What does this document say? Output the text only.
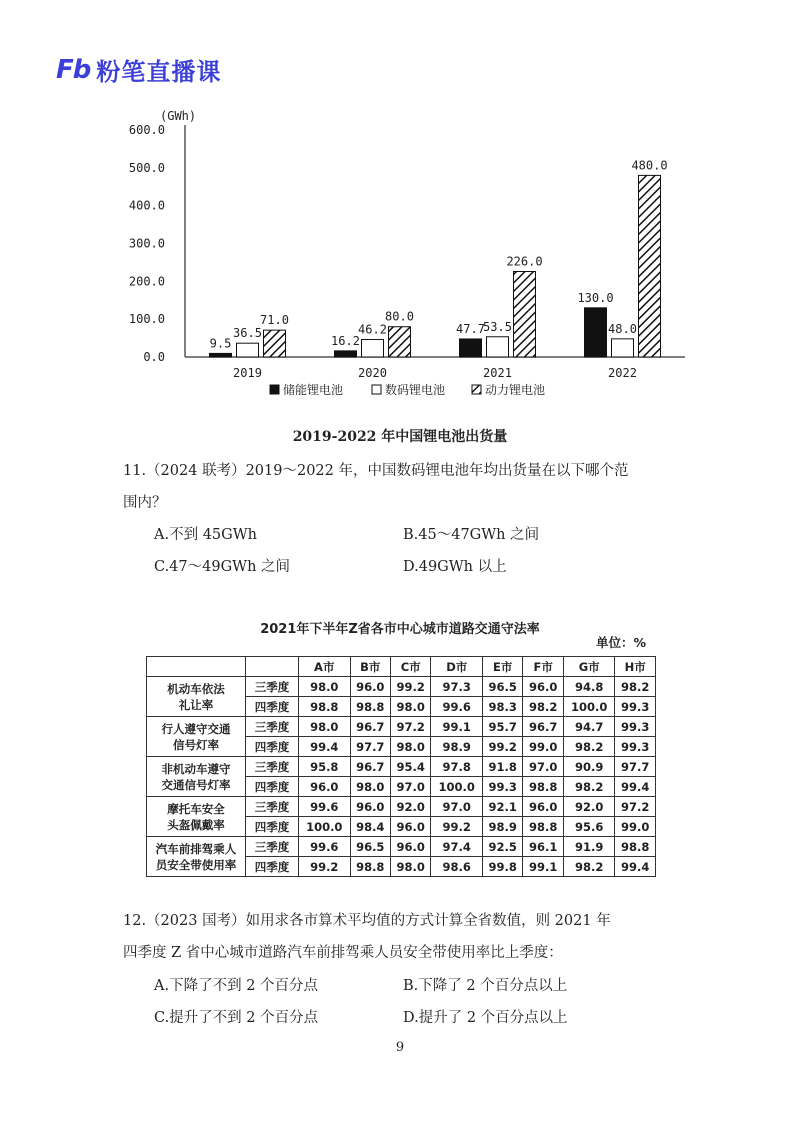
Fb 粉笔直播课
(GWh)
0.0
100.0
200.0
300.0
400.0
500.0
600.0
9.5
36.5
71.0
2019
16.2
46.2
80.0
2020
47.7
53.5
226.0
2021
130.0
48.0
480.0
2022
储能锂电池	数码锂电池	动力锂电池
2019-2022 年中国锂电池出货量
11.（2024 联考）2019～2022 年，中国数码锂电池年均出货量在以下哪个范
围内？
A.不到 45GWh	B.45～47GWh 之间
C.47～49GWh 之间	D.49GWh 以上
2021年下半年Z省各市中心城市道路交通守法率
单位：%
		A市	B市	C市	D市	E市	F市	G市	H市

机动车依法
礼让率	三季度	98.0	96.0	99.2	97.3	96.5	96.0	94.8	98.2
	四季度	98.8	98.8	98.0	99.6	98.3	98.2	100.0	99.3

行人遵守交通
信号灯率	三季度	98.0	96.7	97.2	99.1	95.7	96.7	94.7	99.3
	四季度	99.4	97.7	98.0	98.9	99.2	99.0	98.2	99.3

非机动车遵守
交通信号灯率	三季度	95.8	96.7	95.4	97.8	91.8	97.0	90.9	97.7
	四季度	96.0	98.0	97.0	100.0	99.3	98.8	98.2	99.4

摩托车安全
头盔佩戴率	三季度	99.6	96.0	92.0	97.0	92.1	96.0	92.0	97.2
	四季度	100.0	98.4	96.0	99.2	98.9	98.8	95.6	99.0

汽车前排驾乘人
员安全带使用率	三季度	99.6	96.5	96.0	97.4	92.5	96.1	91.9	98.8
	四季度	99.2	98.8	98.0	98.6	99.8	99.1	98.2	99.4
12.（2023 国考）如用求各市算术平均值的方式计算全省数值，则 2021 年
四季度 Z 省中心城市道路汽车前排驾乘人员安全带使用率比上季度：
A.下降了不到 2 个百分点	B.下降了 2 个百分点以上
C.提升了不到 2 个百分点	D.提升了 2 个百分点以上
9
